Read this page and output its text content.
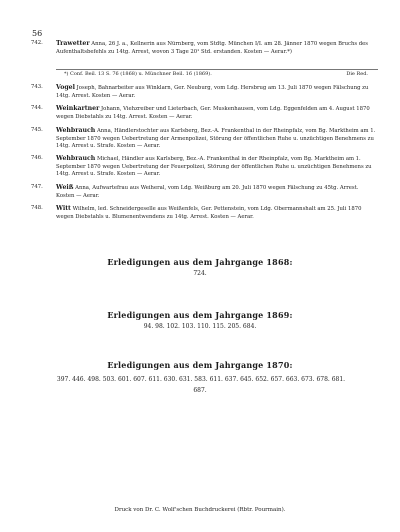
56
742. Trawetter Anna, 26 J. a., Kellnerin aus Nürnberg, vom Stdtg. München I/I. am 28. Jänner 1870 wegen Bruchs des Aufenthaltsbefehls zu 14tg. Arrest, wovon 3 Tage 20¹ Std. erstanden. Kosten — Aerar.*)
*) Conf. Beil. 13 S. 76 (1868) u. Münchner Beil. 16 (1869).	Die Red.
743. Vogel Joseph, Bahnarbeiter aus Winklarn, Ger. Neuburg, vom Ldg. Hersbrug am 13. Juli 1870 wegen Fälschung zu 14tg. Arrest. Kosten — Aerar.
744. Weinkartner Johann, Viehzreiber und Lieterbach, Ger. Muskenhausen, vom Ldg. Eggenfelden am 4. August 1870 wegen Diebstahls zu 14tg. Arrest. Kosten — Aerar.
745. Wehbrauch Anna, Händlerstochter aus Karlsberg, Bez.-A. Frankenthal in der Rheinpfalz, vom Bg. Marktheim am 1. September 1870 wegen Uebertretung der Armenpolizei, Störung der öffentlichen Ruhe u. unzüchtigen Benehmens zu 14tg. Arrest u. Strafe. Kosten — Aerar.
746. Wehbrauch Michael, Händler aus Karlsberg, Bez.-A. Frankenthal in der Rheinpfalz, vom Bg. Marktheim am 1. September 1870 wegen Uebertretung der Feuerpolizei, Störung der öffentlichen Ruhe u. unzüchtigen Benehmens zu 14tg. Arrest u. Strafe. Kosten — Aerar.
747. Weiß Anna, Aufwartefrau aus Weiheral, vom Ldg. Weißburg am 20. Juli 1870 wegen Fälschung zu 45tg. Arrest. Kosten — Aerar.
748. Witt Wilhelm, led. Schneidergeselle aus Weißenfels, Ger. Pettenstein, vom Ldg. Obermannshalt am 25. Juli 1870 wegen Diebstahls u. Blumenentwendens zu 14tg. Arrest. Kosten — Aerar.
Erledigungen aus dem Jahrgange 1868:
724.
Erledigungen aus dem Jahrgange 1869:
94. 98. 102. 103. 110. 115. 205. 684.
Erledigungen aus dem Jahrgange 1870:
397. 446. 498. 503. 601. 607. 611. 630. 631. 583. 611. 637. 645. 652. 657. 663. 673. 678. 681.
687.
Druck von Dr. C. Wolf'schen Buchdruckerei (Rbtr. Pourmain).
